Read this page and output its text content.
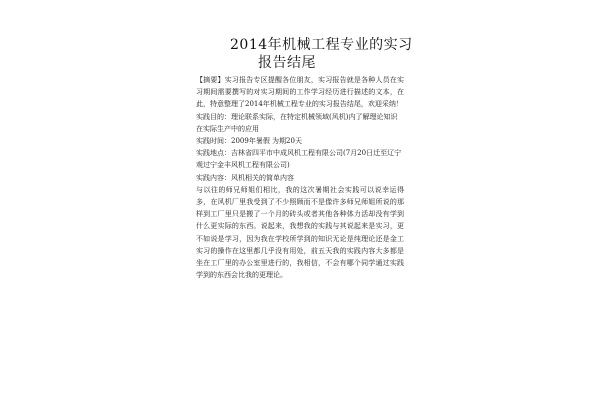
2014年机械工程专业的实习
报告结尾

【摘要】实习报告专区提醒各位朋友，实习报告就是各种人员在实习期间需要撰写的对实习期间的工作学习经历进行描述的文本，在此，特意整理了2014年机械工程专业的实习报告结尾，欢迎采纳！

实践目的：理论联系实际，在特定机械领域(风机)内了解理论知识在实际生产中的应用

实践时间：2009年暑假 为期20天

实践地点：吉林省四平市中成风机工程有限公司(7月20日迁至辽宁 观过宁金丰风机工程有限公司)

实践内容：风机相关的简单内容

与以往的师兄师姐们相比，我的这次暑期社会实践可以说幸运得多，在风机厂里我受到了不少照顾而不是像许多师兄师姐所说的那样到工厂里只是搬了一个月的砖头或者其他各种体力活却没有学到什么更实际的东西。说起来，我想我的实践与其说起来是实习，更不如说是学习，因为我在学校所学到的知识无论是纯理论还是金工实习的操作在这里都几乎没有用处，前五天我的实践内容大多都是坐在工厂里的办公室里进行的，我相信，不会有哪个同学通过实践学到的东西会比我的更理论。
